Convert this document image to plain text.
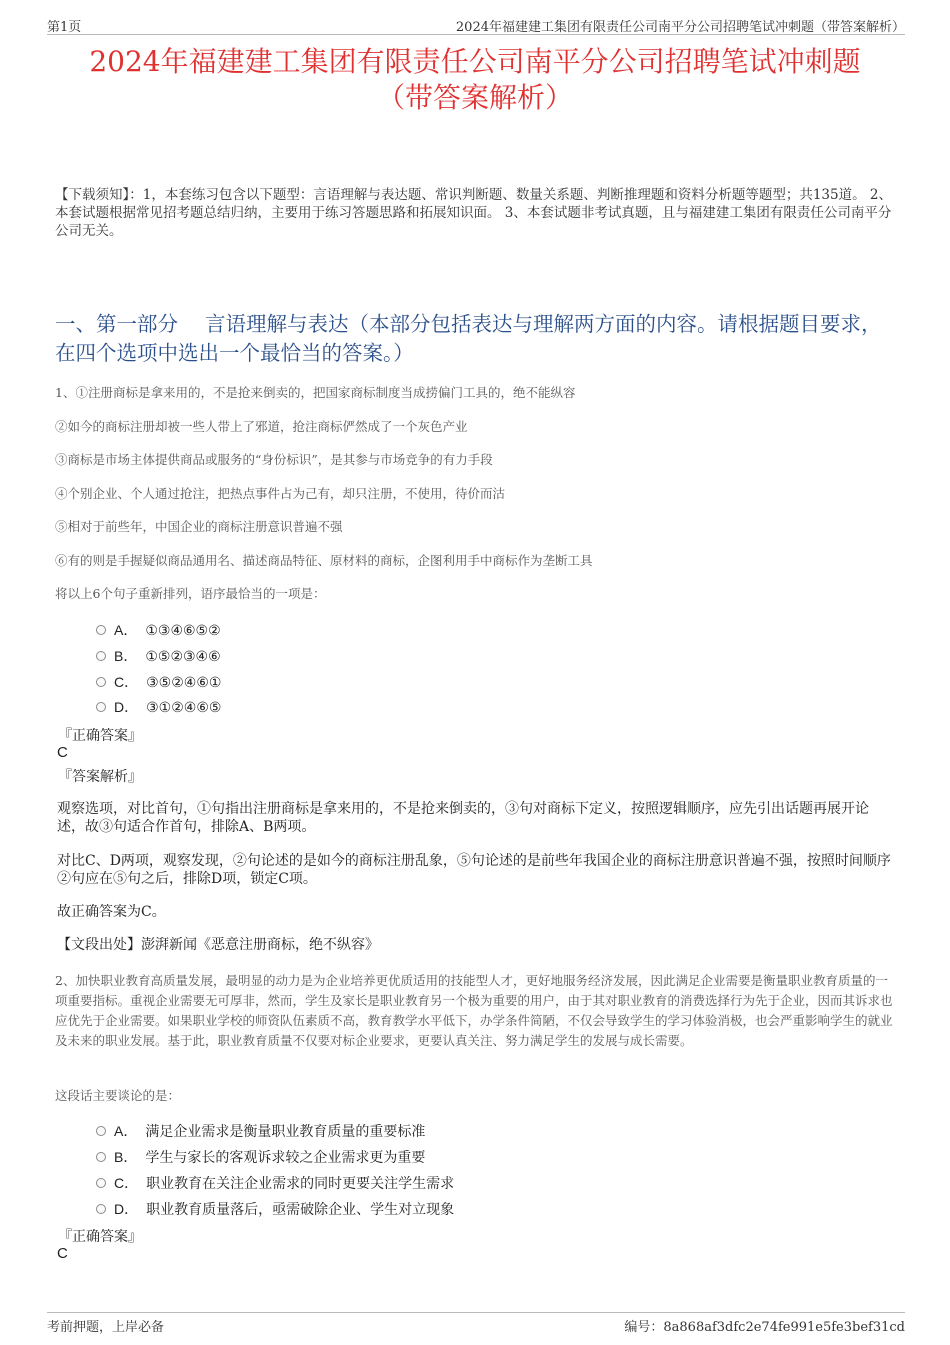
第1页	2024年福建建工集团有限责任公司南平分公司招聘笔试冲刺题（带答案解析）
2024年福建建工集团有限责任公司南平分公司招聘笔试冲刺题
（带答案解析）
【下载须知】：1，本套练习包含以下题型：言语理解与表达题、常识判断题、数量关系题、判断推理题和资料分析题等题型；共135道。 2、本套试题根据常见招考题总结归纳，主要用于练习答题思路和拓展知识面。 3、本套试题非考试真题，且与福建建工集团有限责任公司南平分公司无关。
一、第一部分　 言语理解与表达（本部分包括表达与理解两方面的内容。请根据题目要求，在四个选项中选出一个最恰当的答案。）
1、①注册商标是拿来用的，不是抢来倒卖的，把国家商标制度当成捞偏门工具的，绝不能纵容
②如今的商标注册却被一些人带上了邪道，抢注商标俨然成了一个灰色产业
③商标是市场主体提供商品或服务的“身份标识”，是其参与市场竞争的有力手段
④个别企业、个人通过抢注，把热点事件占为己有，却只注册，不使用，待价而沽
⑤相对于前些年，中国企业的商标注册意识普遍不强
⑥有的则是手握疑似商品通用名、描述商品特征、原材料的商标，企图利用手中商标作为垄断工具
将以上6个句子重新排列，语序最恰当的一项是：
A． ①③④⑥⑤②
B． ①⑤②③④⑥
C． ③⑤②④⑥①
D． ③①②④⑥⑤
『正确答案』
C
『答案解析』
观察选项，对比首句，①句指出注册商标是拿来用的，不是抢来倒卖的，③句对商标下定义，按照逻辑顺序，应先引出话题再展开论述，故③句适合作首句，排除A、B两项。
对比C、D两项，观察发现，②句论述的是如今的商标注册乱象，⑤句论述的是前些年我国企业的商标注册意识普遍不强，按照时间顺序②句应在⑤句之后，排除D项，锁定C项。
故正确答案为C。
【文段出处】澎湃新闻《恶意注册商标，绝不纵容》
2、加快职业教育高质量发展，最明显的动力是为企业培养更优质适用的技能型人才，更好地服务经济发展，因此满足企业需要是衡量职业教育质量的一项重要指标。重视企业需要无可厚非，然而，学生及家长是职业教育另一个极为重要的用户，由于其对职业教育的消费选择行为先于企业，因而其诉求也应优先于企业需要。如果职业学校的师资队伍素质不高，教育教学水平低下，办学条件简陋，不仅会导致学生的学习体验消极，也会严重影响学生的就业及未来的职业发展。基于此，职业教育质量不仅要对标企业要求，更要认真关注、努力满足学生的发展与成长需要。
这段话主要谈论的是：
A． 满足企业需求是衡量职业教育质量的重要标准
B． 学生与家长的客观诉求较之企业需求更为重要
C． 职业教育在关注企业需求的同时更要关注学生需求
D． 职业教育质量落后，亟需破除企业、学生对立现象
『正确答案』
C
考前押题，上岸必备	编号：8a868af3dfc2e74fe991e5fe3bef31cd
